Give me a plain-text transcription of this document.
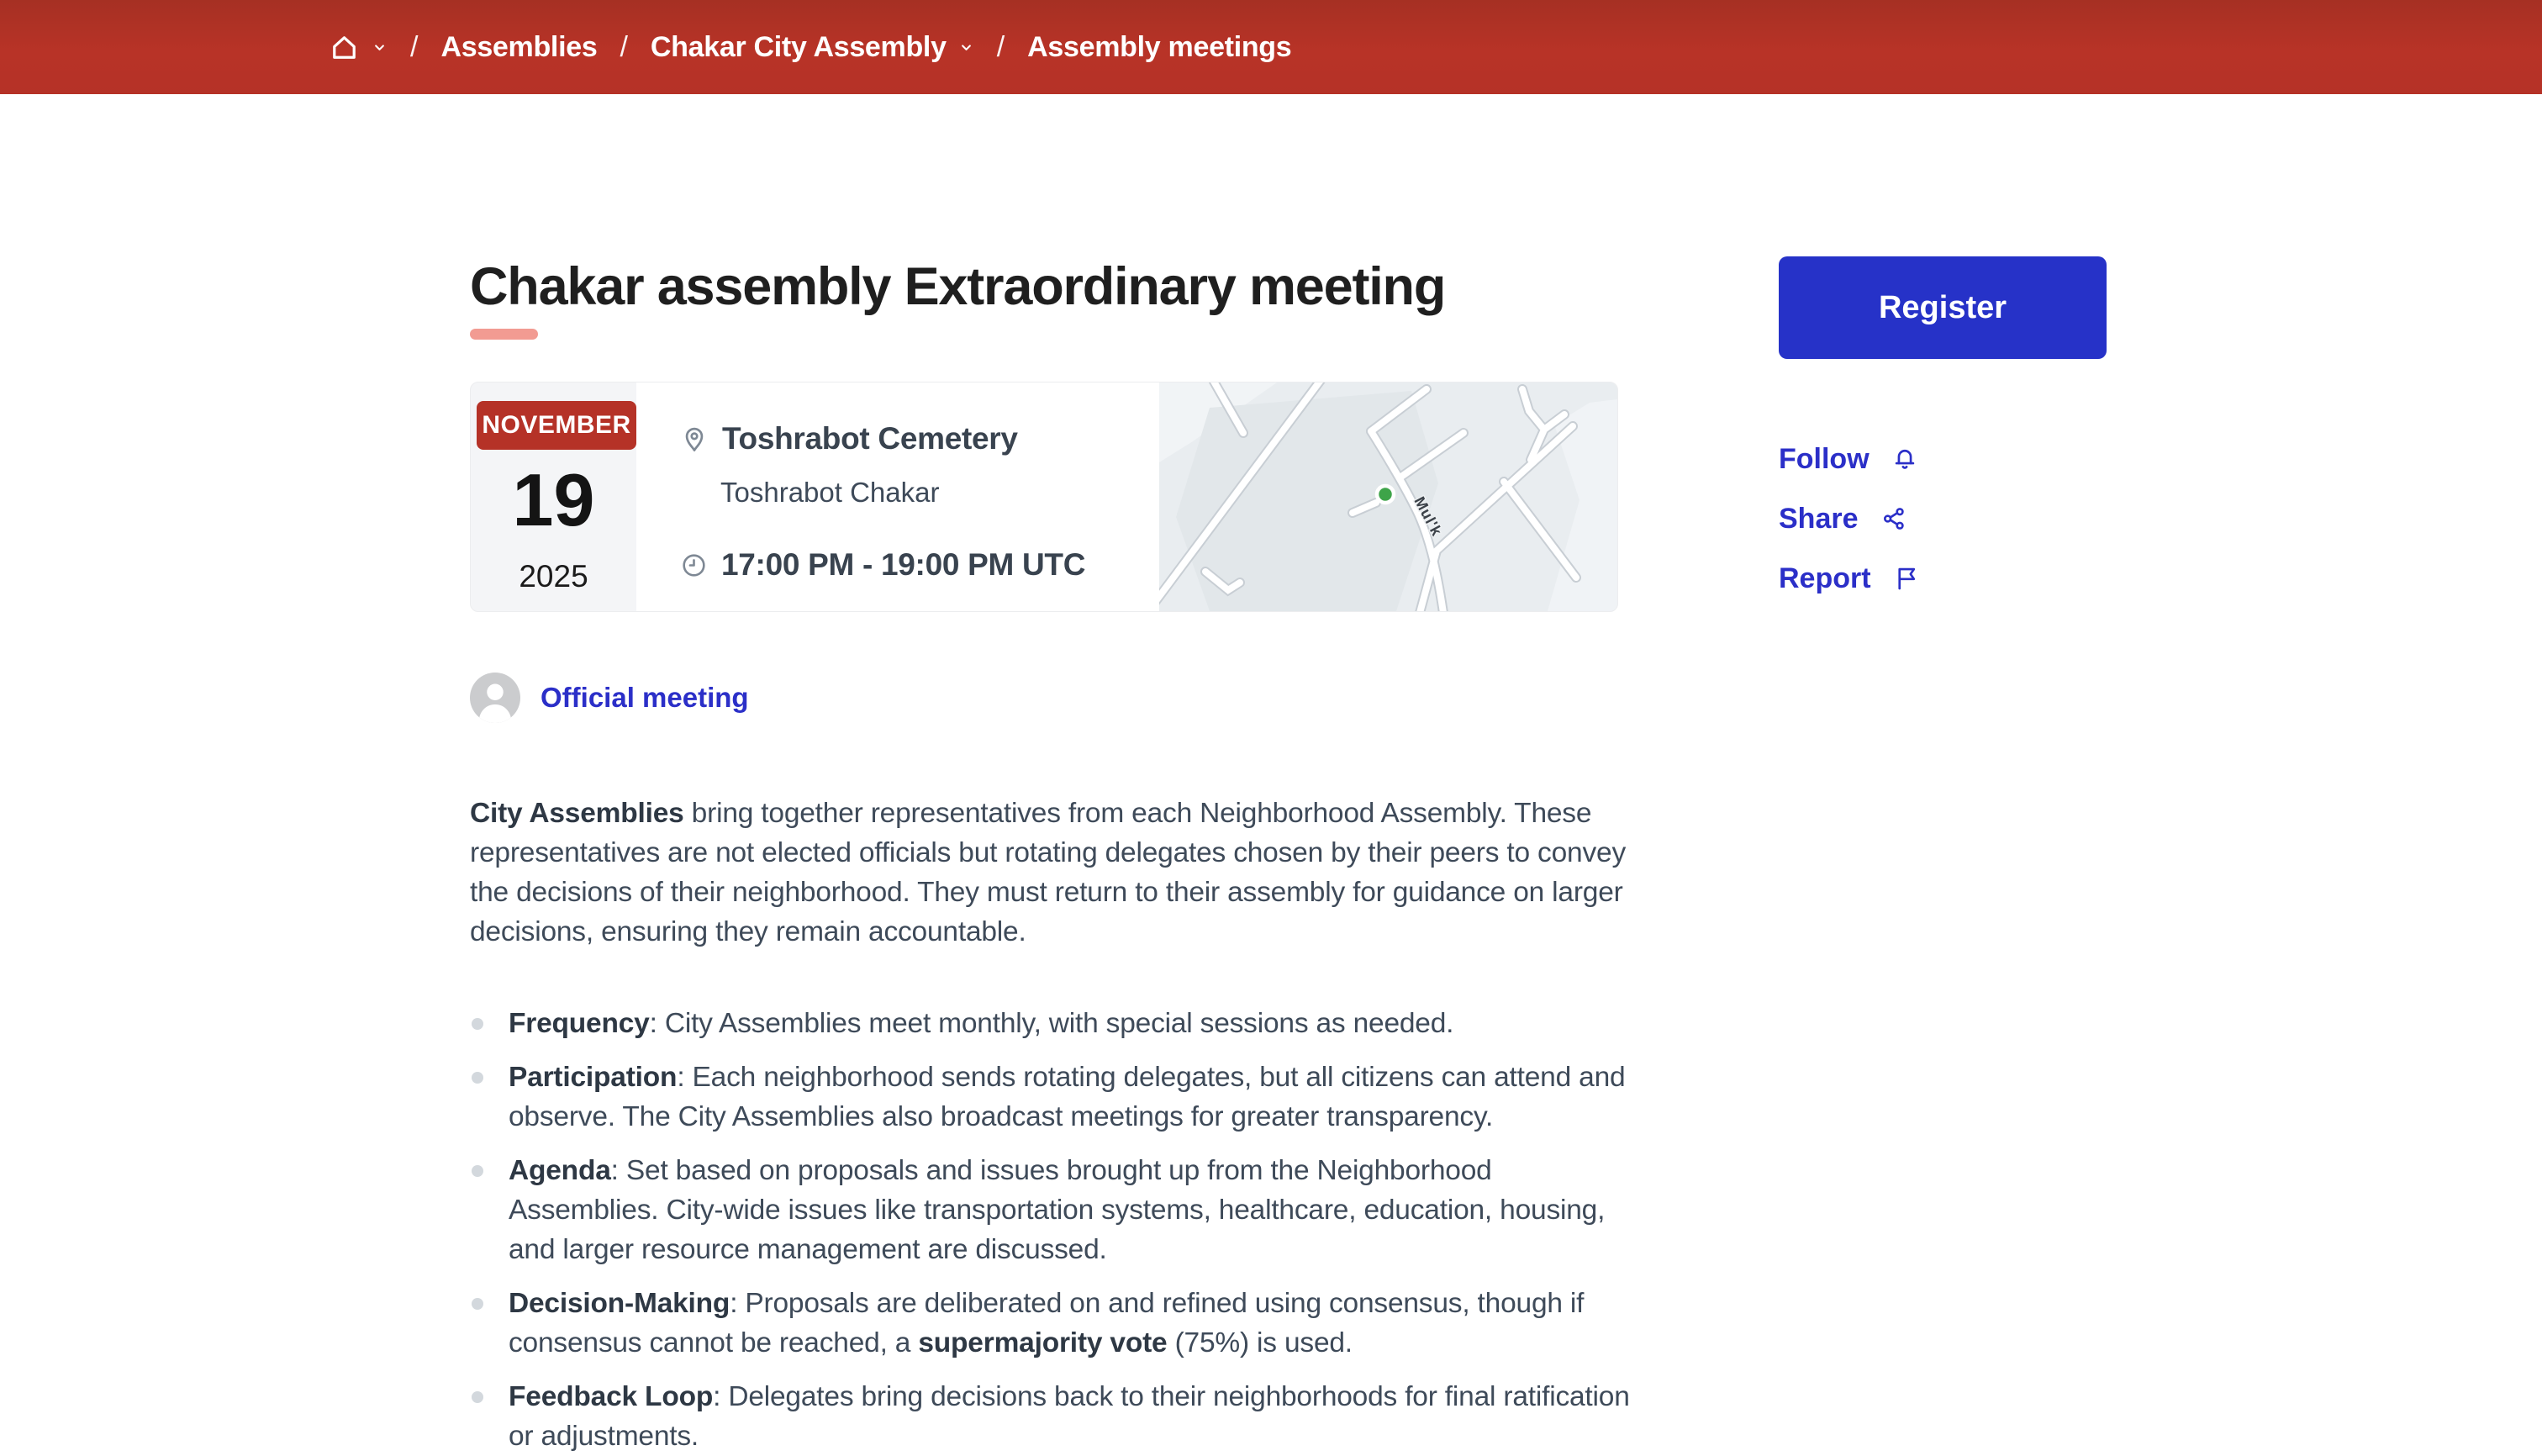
/ Assemblies / Chakar City Assembly / Assembly meetings
Chakar assembly Extraordinary meeting
NOVEMBER
19
2025
Toshrabot Cemetery
Toshrabot Chakar
17:00 PM - 19:00 PM UTC
Mul'k
Official meeting

City Assemblies bring together representatives from each Neighborhood Assembly. These representatives are not elected officials but rotating delegates chosen by their peers to convey the decisions of their neighborhood. They must return to their assembly for guidance on larger decisions, ensuring they remain accountable.

Frequency: City Assemblies meet monthly, with special sessions as needed.
Participation: Each neighborhood sends rotating delegates, but all citizens can attend and observe. The City Assemblies also broadcast meetings for greater transparency.
Agenda: Set based on proposals and issues brought up from the Neighborhood Assemblies. City-wide issues like transportation systems, healthcare, education, housing, and larger resource management are discussed.
Decision-Making: Proposals are deliberated on and refined using consensus, though if consensus cannot be reached, a supermajority vote (75%) is used.
Feedback Loop: Delegates bring decisions back to their neighborhoods for final ratification or adjustments.
Register
Follow
Share
Report
